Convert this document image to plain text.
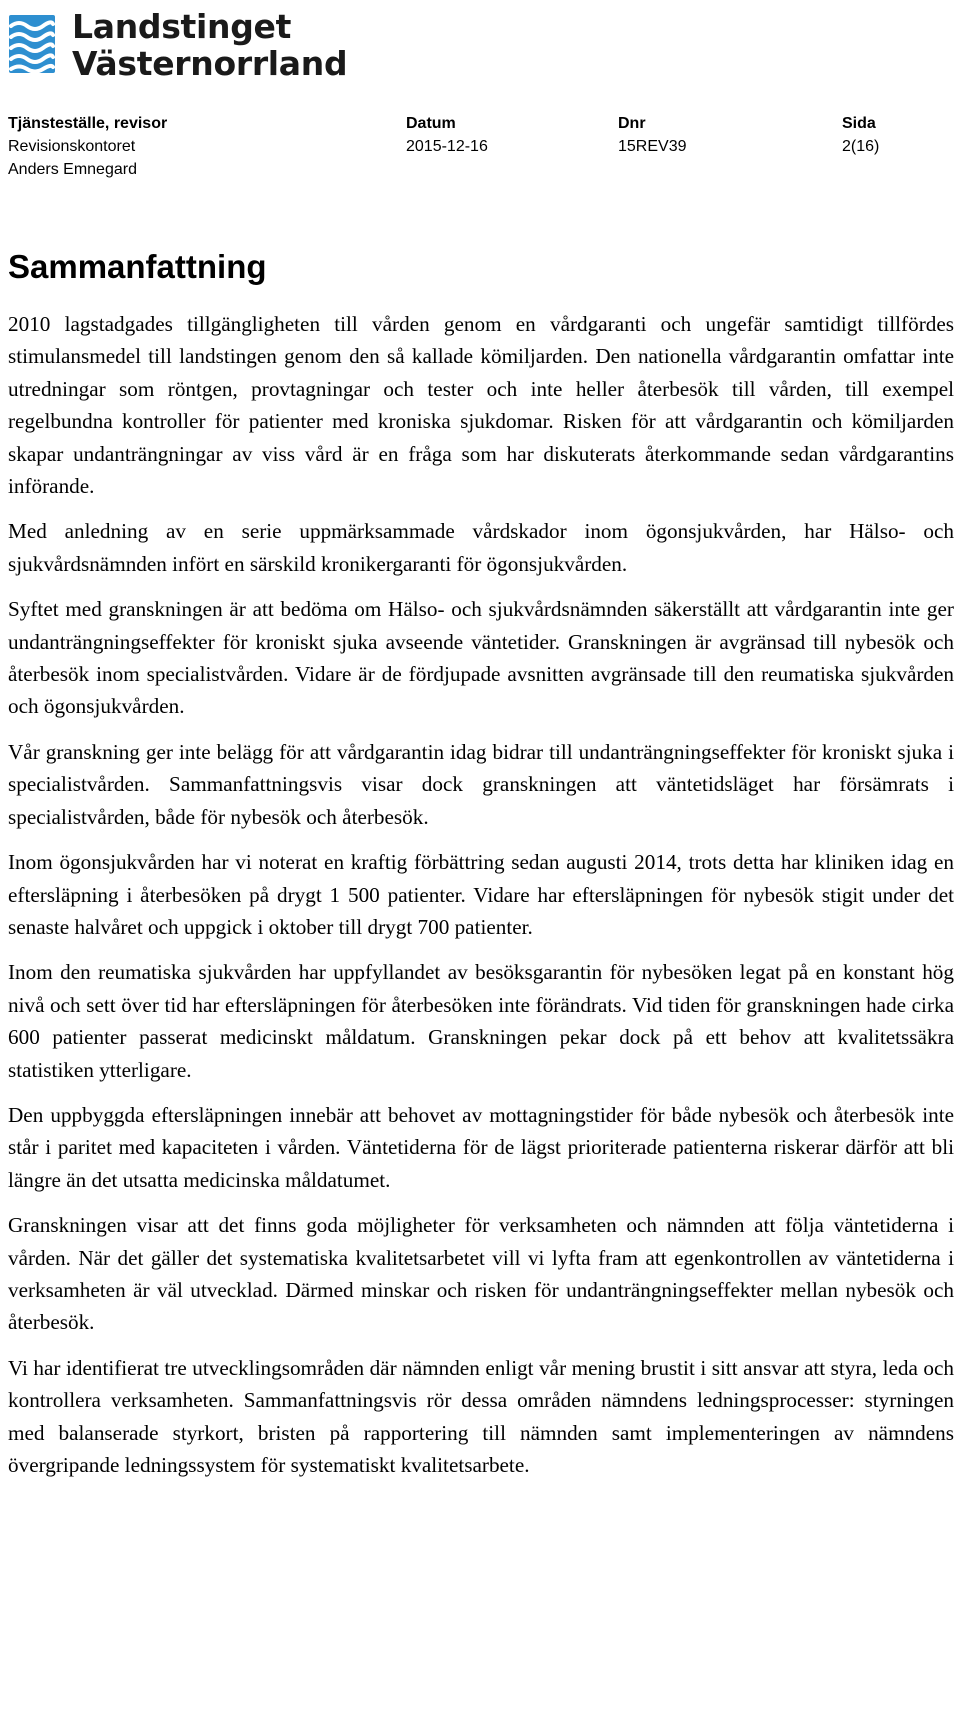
Landstinget
Västernorrland
Tjänsteställe, revisor
Revisionskontoret
Anders Emnegard
Datum
2015-12-16
Dnr
15REV39
Sida
2(16)
Sammanfattning

2010 lagstadgades tillgängligheten till vården genom en vårdgaranti och ungefär samtidigt tillfördes stimulansmedel till landstingen genom den så kallade kömiljarden. Den nationella vårdgarantin omfattar inte utredningar som röntgen, provtagningar och tester och inte heller återbesök till vården, till exempel regelbundna kontroller för patienter med kroniska sjukdomar. Risken för att vårdgarantin och kömiljarden skapar undanträngningar av viss vård är en fråga som har diskuterats återkommande sedan vårdgarantins införande.

Med anledning av en serie uppmärksammade vårdskador inom ögonsjukvården, har Hälso- och sjukvårdsnämnden infört en särskild kronikergaranti för ögonsjukvården.

Syftet med granskningen är att bedöma om Hälso- och sjukvårdsnämnden säkerställt att vårdgarantin inte ger undanträngningseffekter för kroniskt sjuka avseende väntetider. Granskningen är avgränsad till nybesök och återbesök inom specialistvården. Vidare är de fördjupade avsnitten avgränsade till den reumatiska sjukvården och ögonsjukvården.

Vår granskning ger inte belägg för att vårdgarantin idag bidrar till undanträngningseffekter för kroniskt sjuka i specialistvården. Sammanfattningsvis visar dock granskningen att väntetidsläget har försämrats i specialistvården, både för nybesök och återbesök.

Inom ögonsjukvården har vi noterat en kraftig förbättring sedan augusti 2014, trots detta har kliniken idag en eftersläpning i återbesöken på drygt 1 500 patienter. Vidare har eftersläpningen för nybesök stigit under det senaste halvåret och uppgick i oktober till drygt 700 patienter.

Inom den reumatiska sjukvården har uppfyllandet av besöksgarantin för nybesöken legat på en konstant hög nivå och sett över tid har eftersläpningen för återbesöken inte förändrats. Vid tiden för granskningen hade cirka 600 patienter passerat medicinskt måldatum. Granskningen pekar dock på ett behov att kvalitetssäkra statistiken ytterligare.

Den uppbyggda eftersläpningen innebär att behovet av mottagningstider för både nybesök och återbesök inte står i paritet med kapaciteten i vården. Väntetiderna för de lägst prioriterade patienterna riskerar därför att bli längre än det utsatta medicinska måldatumet.

Granskningen visar att det finns goda möjligheter för verksamheten och nämnden att följa väntetiderna i vården. När det gäller det systematiska kvalitetsarbetet vill vi lyfta fram att egenkontrollen av väntetiderna i verksamheten är väl utvecklad. Därmed minskar och risken för undanträngningseffekter mellan nybesök och återbesök.

Vi har identifierat tre utvecklingsområden där nämnden enligt vår mening brustit i sitt ansvar att styra, leda och kontrollera verksamheten. Sammanfattningsvis rör dessa områden nämndens ledningsprocesser: styrningen med balanserade styrkort, bristen på rapportering till nämnden samt implementeringen av nämndens övergripande ledningssystem för systematiskt kvalitetsarbete.
